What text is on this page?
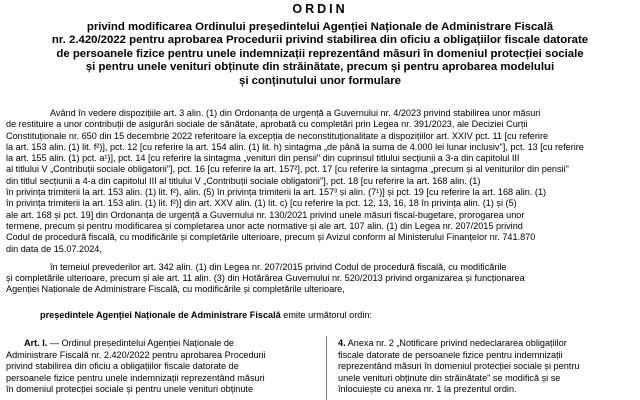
ORDIN
privind modificarea Ordinului președintelui Agenției Naționale de Administrare Fiscală
nr. 2.420/2022 pentru aprobarea Procedurii privind stabilirea din oficiu a obligațiilor fiscale datorate
de persoanele fizice pentru unele indemnizații reprezentând măsuri în domeniul protecției sociale
și pentru unele venituri obținute din străinătate, precum și pentru aprobarea modelului
și conținutului unor formulare
Având în vedere dispozițiile art. 3 alin. (1) din Ordonanța de urgență a Guvernului nr. 4/2023 privind stabilirea unor măsuri
de restituire a unor contribuții de asigurări sociale de sănătate, aprobată cu completări prin Legea nr. 391/2023, ale Deciziei Curții
Constituționale nr. 650 din 15 decembrie 2022 referitoare la excepția de neconstituționalitate a dispozițiilor art. XXIV pct. 11 [cu referire
la art. 153 alin. (1) lit. f²)], pct. 12 [cu referire la art. 154 alin. (1) lit. h) sintagma „de până la suma de 4.000 lei lunar inclusiv"], pct. 13 [cu referire
la art. 155 alin. (1) pct. a¹)], pct. 14 [cu referire la sintagma „venituri din pensii" din cuprinsul titlului secțiunii a 3-a din capitolul III
al titlului V „Contribuții sociale obligatorii"], pct. 16 [cu referire la art. 157²], pct. 17 [cu referire la sintagma „precum și al veniturilor din pensii"
din titlul secțiunii a 4-a din capitolul III al titlului V „Contribuții sociale obligatorii"], pct. 18 [cu referire la art. 168 alin. (1)
în privința trimiterii la art. 153 alin. (1) lit. f²), alin. (5) în privința trimiterii la art. 157³ și alin. (7¹)] și pct. 19 [cu referire la art. 168 alin. (1)
în privința trimiterii la art. 153 alin. (1) lit. f²)] din art. XXV alin. (1) lit. c) [cu referire la pct. 12, 13, 16, 18 în privința alin. (1) și (5)
ale art. 168 și pct. 19] din Ordonanța de urgență a Guvernului nr. 130/2021 privind unele măsuri fiscal-bugetare, prorogarea unor
termene, precum și pentru modificarea și completarea unor acte normative și ale art. 107 alin. (1) din Legea nr. 207/2015 privind
Codul de procedură fiscală, cu modificările și completările ulterioare, precum și Avizul conform al Ministerului Finanțelor nr. 741.870
din data de 15.07.2024,
în temeiul prevederilor art. 342 alin. (1) din Legea nr. 207/2015 privind Codul de procedură fiscală, cu modificările
și completările ulterioare, precum și ale art. 11 alin. (3) din Hotărârea Guvernului nr. 520/2013 privind organizarea și funcționarea
Agenției Naționale de Administrare Fiscală, cu modificările și completările ulterioare,
președintele Agenției Naționale de Administrare Fiscală emite următorul ordin:
Art. I. — Ordinul președintelui Agenției Naționale de
Administrare Fiscală nr. 2.420/2022 pentru aprobarea Procedurii
privind stabilirea din oficiu a obligațiilor fiscale datorate de
persoanele fizice pentru unele indemnizații reprezentând măsuri
în domeniul protecției sociale și pentru unele venituri obținute
4. Anexa nr. 2 „Notificare privind nedeclararea obligațiilor
fiscale datorate de persoanele fizice pentru indemnizații
reprezentând măsuri în domeniul protecției sociale și pentru
unele venituri obținute din străinătate" se modifică și se
înlocuiește cu anexa nr. 1 la prezentul ordin.
